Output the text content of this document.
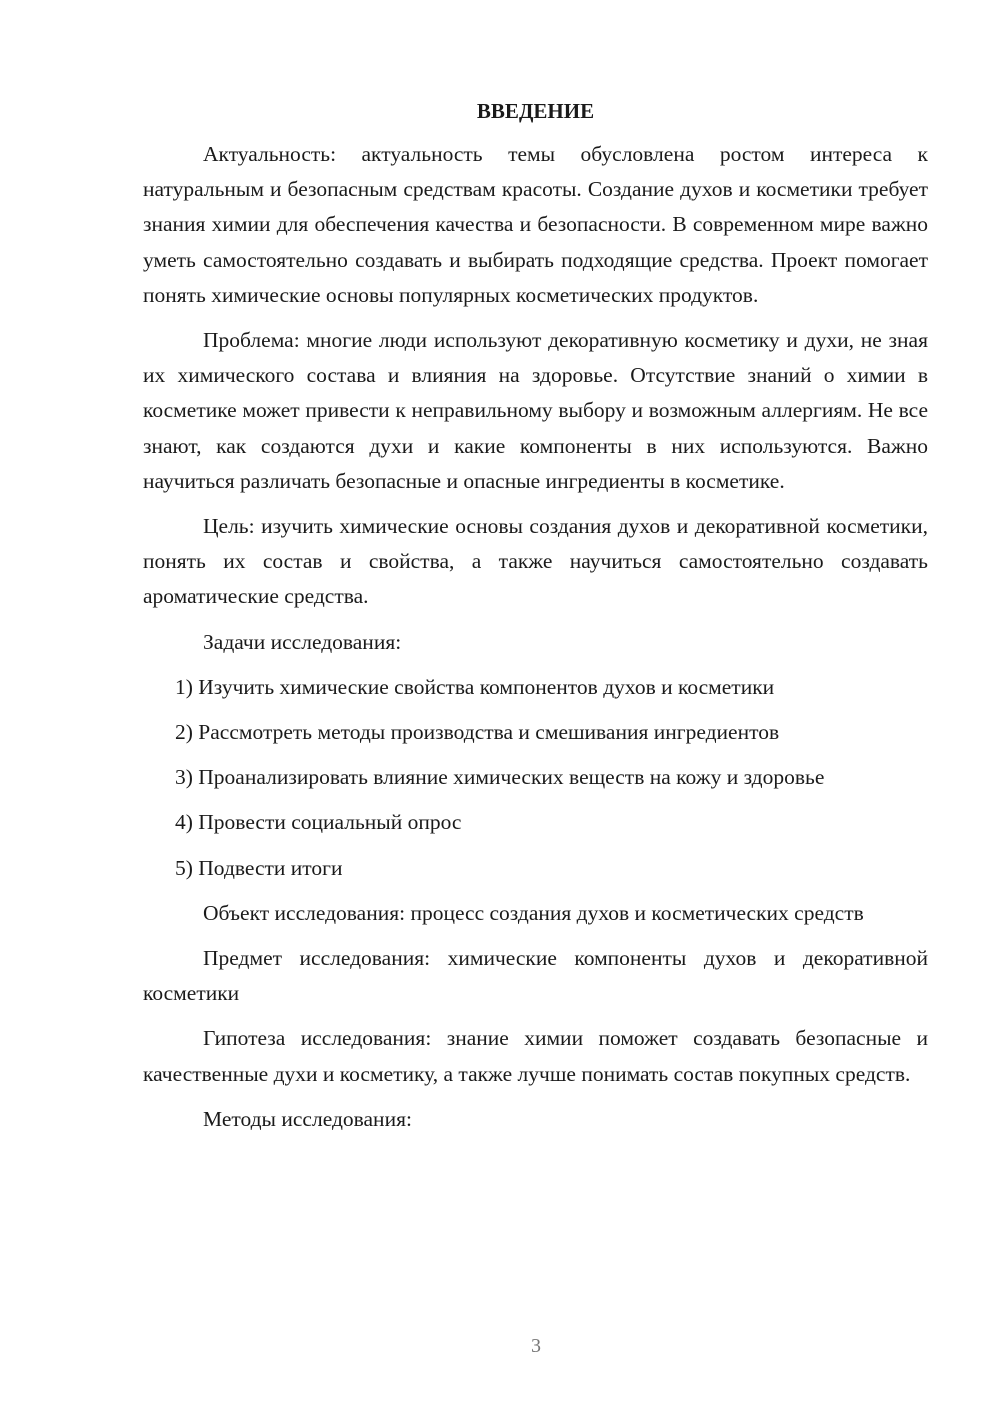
ВВЕДЕНИЕ

Актуальность: актуальность темы обусловлена ростом интереса к натуральным и безопасным средствам красоты. Создание духов и косметики требует знания химии для обеспечения качества и безопасности. В современном мире важно уметь самостоятельно создавать и выбирать подходящие средства. Проект помогает понять химические основы популярных косметических продуктов.

Проблема: многие люди используют декоративную косметику и духи, не зная их химического состава и влияния на здоровье. Отсутствие знаний о химии в косметике может привести к неправильному выбору и возможным аллергиям. Не все знают, как создаются духи и какие компоненты в них используются. Важно научиться различать безопасные и опасные ингредиенты в косметике.

Цель: изучить химические основы создания духов и декоративной косметики, понять их состав и свойства, а также научиться самостоятельно создавать ароматические средства.

Задачи исследования:

1) Изучить химические свойства компонентов духов и косметики
2) Рассмотреть методы производства и смешивания ингредиентов
3) Проанализировать влияние химических веществ на кожу и здоровье
4) Провести социальный опрос
5) Подвести итоги

Объект исследования: процесс создания духов и косметических средств

Предмет исследования: химические компоненты духов и декоративной косметики

Гипотеза исследования: знание химии поможет создавать безопасные и качественные духи и косметику, а также лучше понимать состав покупных средств.

Методы исследования:

3
